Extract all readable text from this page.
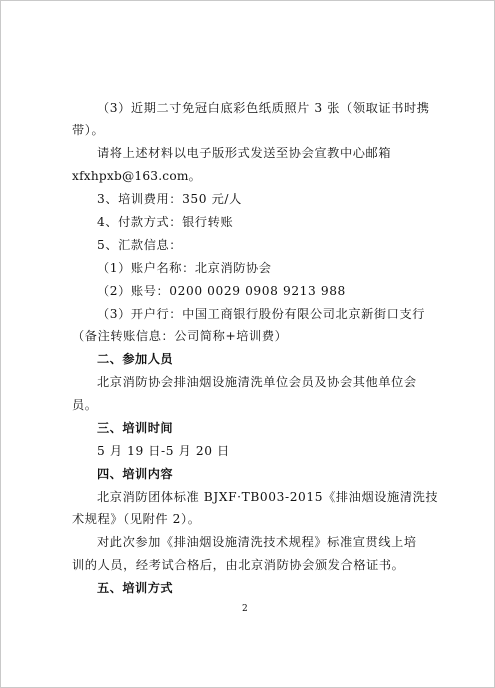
（3）近期二寸免冠白底彩色纸质照片 3 张（领取证书时携
带）。
请将上述材料以电子版形式发送至协会宣教中心邮箱
xfxhpxb@163.com。
3、培训费用：350 元/人
4、付款方式：银行转账
5、汇款信息：
（1）账户名称：北京消防协会
（2）账号：0200 0029 0908 9213 988
（3）开户行：中国工商银行股份有限公司北京新街口支行
（备注转账信息：公司简称+培训费）
二、参加人员
北京消防协会排油烟设施清洗单位会员及协会其他单位会
员。
三、培训时间
5 月 19 日-5 月 20 日
四、培训内容
北京消防团体标准 BJXF·TB003-2015《排油烟设施清洗技
术规程》（见附件 2）。
对此次参加《排油烟设施清洗技术规程》标准宣贯线上培
训的人员，经考试合格后，由北京消防协会颁发合格证书。
五、培训方式
2
